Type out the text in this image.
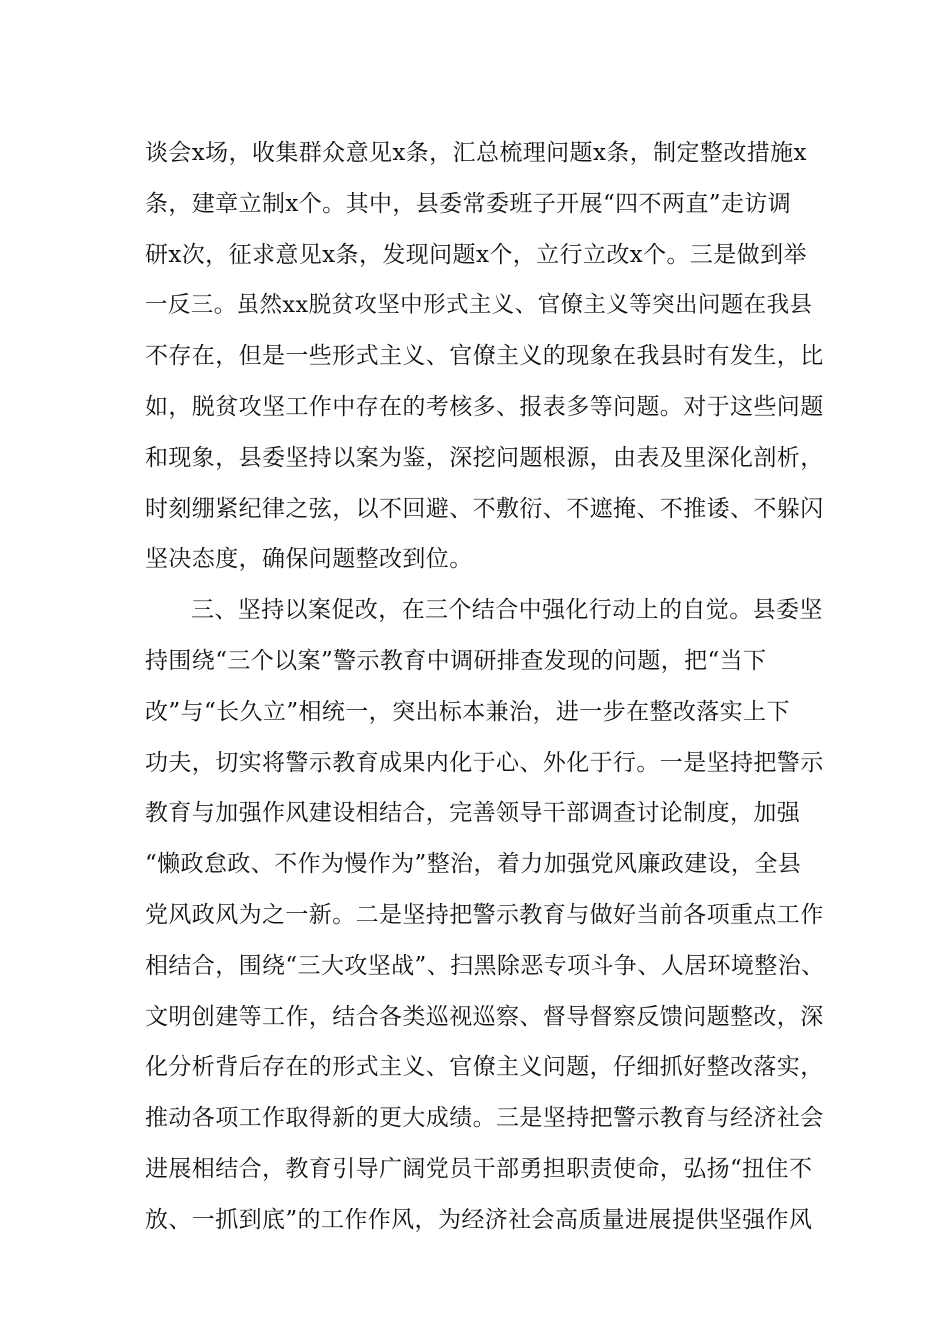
谈会x场，收集群众意见x条，汇总梳理问题x条，制定整改措施x
条，建章立制x个。其中，县委常委班子开展“四不两直”走访调
研x次，征求意见x条，发现问题x个，立行立改x个。三是做到举
一反三。虽然xx脱贫攻坚中形式主义、官僚主义等突出问题在我县
不存在，但是一些形式主义、官僚主义的现象在我县时有发生，比
如，脱贫攻坚工作中存在的考核多、报表多等问题。对于这些问题
和现象，县委坚持以案为鉴，深挖问题根源，由表及里深化剖析，
时刻绷紧纪律之弦，以不回避、不敷衍、不遮掩、不推诿、不躲闪
坚决态度，确保问题整改到位。
三、坚持以案促改，在三个结合中强化行动上的自觉。县委坚
持围绕“三个以案”警示教育中调研排查发现的问题，把“当下
改”与“长久立”相统一，突出标本兼治，进一步在整改落实上下
功夫，切实将警示教育成果内化于心、外化于行。一是坚持把警示
教育与加强作风建设相结合，完善领导干部调查讨论制度，加强
“懒政怠政、不作为慢作为”整治，着力加强党风廉政建设，全县
党风政风为之一新。二是坚持把警示教育与做好当前各项重点工作
相结合，围绕“三大攻坚战”、扫黑除恶专项斗争、人居环境整治、
文明创建等工作，结合各类巡视巡察、督导督察反馈问题整改，深
化分析背后存在的形式主义、官僚主义问题，仔细抓好整改落实，
推动各项工作取得新的更大成绩。三是坚持把警示教育与经济社会
进展相结合，教育引导广阔党员干部勇担职责使命，弘扬“扭住不
放、一抓到底”的工作作风，为经济社会高质量进展提供坚强作风
